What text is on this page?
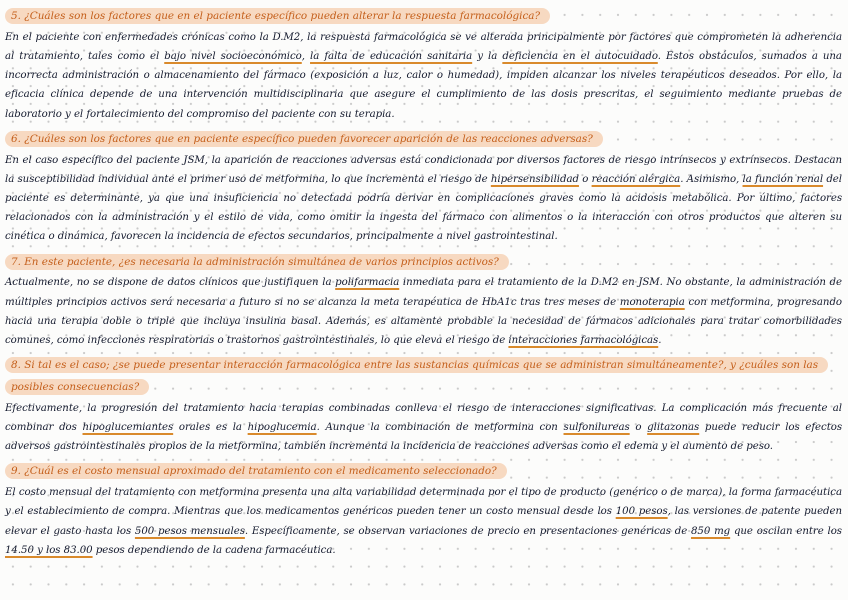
5. ¿Cuáles son los factores que en el paciente específico pueden alterar la respuesta farmacológica?

En el paciente con enfermedades crónicas como la D.M2, la respuesta farmacológica se ve alterada principalmente por factores que comprometen la adherencia al tratamiento, tales como el bajo nivel socioeconómico, la falta de educación sanitaria y la deficiencia en el autocuidado. Estos obstáculos, sumados a una incorrecta administración o almacenamiento del fármaco (exposición a luz, calor o humedad), impiden alcanzar los niveles terapéuticos deseados. Por ello, la eficacia clínica depende de una intervención multidisciplinaria que asegure el cumplimiento de las dosis prescritas, el seguimiento mediante pruebas de laboratorio y el fortalecimiento del compromiso del paciente con su terapia.

6. ¿Cuáles son los factores que en paciente específico pueden favorecer aparición de las reacciones adversas?

En el caso específico del paciente JSM, la aparición de reacciones adversas está condicionada por diversos factores de riesgo intrínsecos y extrínsecos. Destacan la susceptibilidad individual ante el primer uso de metformina, lo que incrementa el riesgo de hipersensibilidad o reacción alérgica. Asimismo, la función renal del paciente es determinante, ya que una insuficiencia no detectada podría derivar en complicaciones graves como la acidosis metabólica. Por último, factores relacionados con la administración y el estilo de vida, como omitir la ingesta del fármaco con alimentos o la interacción con otros productos que alteren su cinética o dinámica, favorecen la incidencia de efectos secundarios, principalmente a nivel gastrointestinal.

7. En este paciente, ¿es necesaria la administración simultánea de varios principios activos?

Actualmente, no se dispone de datos clínicos que justifiquen la polifarmacia inmediata para el tratamiento de la D.M2 en JSM. No obstante, la administración de múltiples principios activos será necesaria a futuro si no se alcanza la meta terapéutica de HbA1c tras tres meses de monoterapia con metformina, progresando hacia una terapia doble o triple que incluya insulina basal. Además, es altamente probable la necesidad de fármacos adicionales para tratar comorbilidades comunes, como infecciones respiratorias o trastornos gastrointestinales, lo que eleva el riesgo de interacciones farmacológicas.

8. Si tal es el caso; ¿se puede presentar interacción farmacológica entre las sustancias químicas que se administran simultáneamente?, y ¿cuáles son las posibles consecuencias?

Efectivamente, la progresión del tratamiento hacia terapias combinadas conlleva el riesgo de interacciones significativas. La complicación más frecuente al combinar dos hipoglucemiantes orales es la hipoglucemia. Aunque la combinación de metformina con sulfonilureas o glitazonas puede reducir los efectos adversos gastrointestinales propios de la metformina, también incrementa la incidencia de reacciones adversas como el edema y el aumento de peso.

9. ¿Cuál es el costo mensual aproximado del tratamiento con el medicamento seleccionado?

El costo mensual del tratamiento con metformina presenta una alta variabilidad determinada por el tipo de producto (genérico o de marca), la forma farmacéutica y el establecimiento de compra. Mientras que los medicamentos genéricos pueden tener un costo mensual desde los 100 pesos, las versiones de patente pueden elevar el gasto hasta los 500 pesos mensuales. Específicamente, se observan variaciones de precio en presentaciones genéricas de 850 mg que oscilan entre los 14.50 y los 83.00 pesos dependiendo de la cadena farmacéutica.
